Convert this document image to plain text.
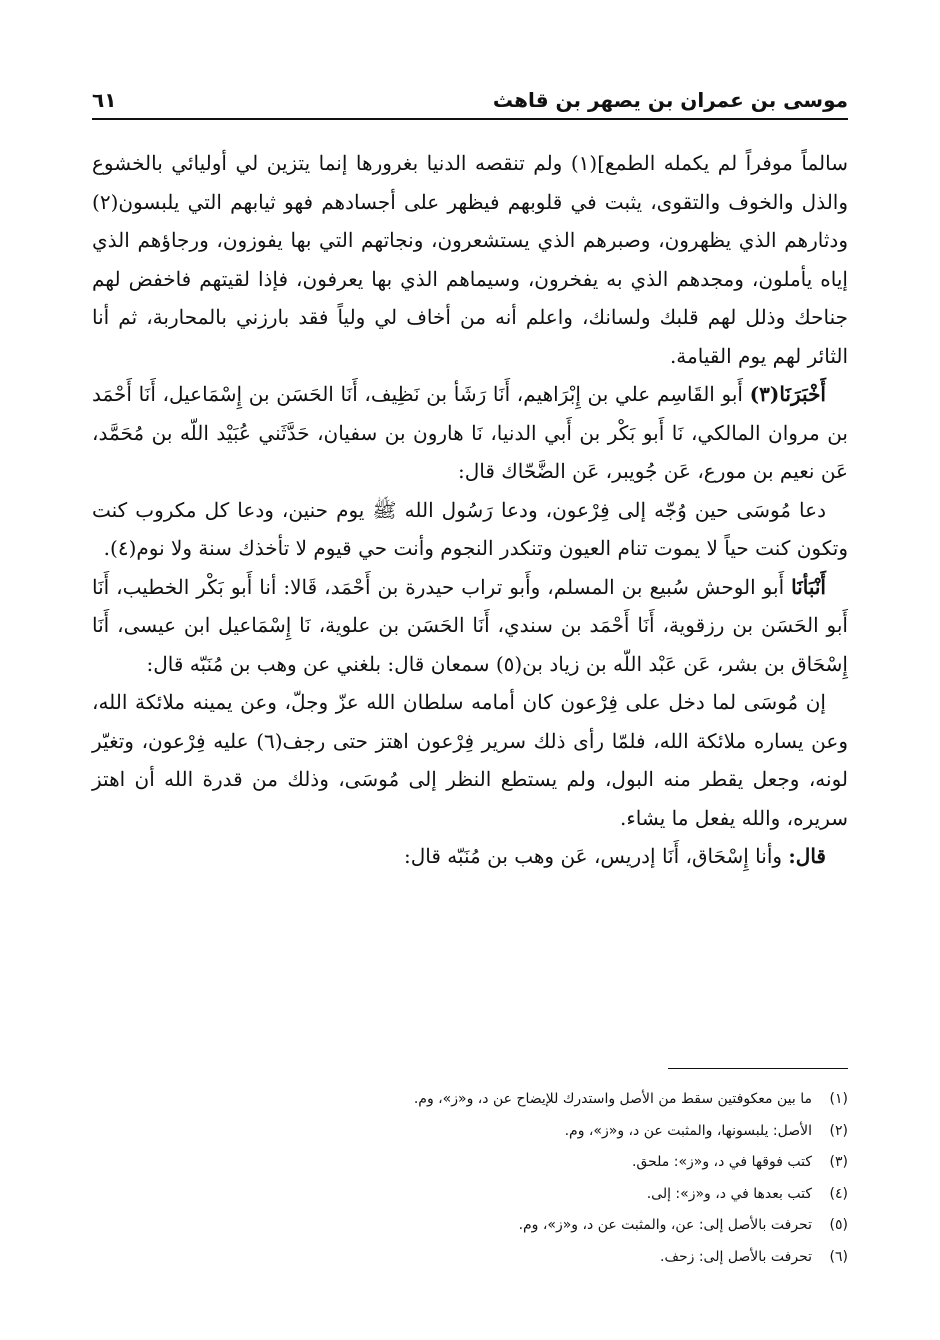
موسى بن عمران بن يصهر بن قاهث
٦١

سالماً موفراً لم يكمله الطمع](١) ولم تنقصه الدنيا بغرورها إنما يتزين لي أوليائي بالخشوع والذل والخوف والتقوى، يثبت في قلوبهم فيظهر على أجسادهم فهو ثيابهم التي يلبسون(٢) ودثارهم الذي يظهرون، وصبرهم الذي يستشعرون، ونجاتهم التي بها يفوزون، ورجاؤهم الذي إياه يأملون، ومجدهم الذي به يفخرون، وسيماهم الذي بها يعرفون، فإذا لقيتهم فاخفض لهم جناحك وذلل لهم قلبك ولسانك، واعلم أنه من أخاف لي ولياً فقد بارزني بالمحاربة، ثم أنا الثائر لهم يوم القيامة.

أَخْبَرَنَا(٣) أَبو القَاسِم علي بن إِبْرَاهيم، أَنَا رَشَأ بن نَظِيف، أَنَا الحَسَن بن إِسْمَاعيل، أَنَا أَحْمَد بن مروان المالكي، نَا أَبو بَكْر بن أَبي الدنيا، نَا هارون بن سفيان، حَدَّثَني عُبَيْد اللّه بن مُحَمَّد، عَن نعيم بن مورع، عَن جُويبر، عَن الضَّحّاك قال:

دعا مُوسَى حين وُجّه إلى فِرْعون، ودعا رَسُول الله ﷺ يوم حنين، ودعا كل مكروب كنت وتكون كنت حياً لا يموت تنام العيون وتنكدر النجوم وأنت حي قيوم لا تأخذك سنة ولا نوم(٤).

أَنْبَأنَا أَبو الوحش سُبيع بن المسلم، وأَبو تراب حيدرة بن أَحْمَد، قَالا: أنا أَبو بَكْر الخطيب، أَنَا أَبو الحَسَن بن رزقوية، أَنَا أَحْمَد بن سندي، أَنَا الحَسَن بن علوية، نَا إِسْمَاعيل ابن عيسى، أَنَا إِسْحَاق بن بشر، عَن عَبْد اللّه بن زياد بن(٥) سمعان قال: بلغني عن وهب بن مُنَبّه قال:

إن مُوسَى لما دخل على فِرْعون كان أمامه سلطان الله عزّ وجلّ، وعن يمينه ملائكة الله، وعن يساره ملائكة الله، فلمّا رأى ذلك سرير فِرْعون اهتز حتى رجف(٦) عليه فِرْعون، وتغيّر لونه، وجعل يقطر منه البول، ولم يستطع النظر إلى مُوسَى، وذلك من قدرة الله أن اهتز سريره، والله يفعل ما يشاء.

قال: وأنا إِسْحَاق، أَنَا إدريس، عَن وهب بن مُنَبّه قال:

(١)
ما بين معكوفتين سقط من الأصل واستدرك للإيضاح عن د، و«ز»، وم.
(٢)
الأصل: يلبسونها، والمثبت عن د، و«ز»، وم.
(٣)
كتب فوقها في د، و«ز»: ملحق.
(٤)
كتب بعدها في د، و«ز»: إلى.
(٥)
تحرفت بالأصل إلى: عن، والمثبت عن د، و«ز»، وم.
(٦)
تحرفت بالأصل إلى: زحف.
